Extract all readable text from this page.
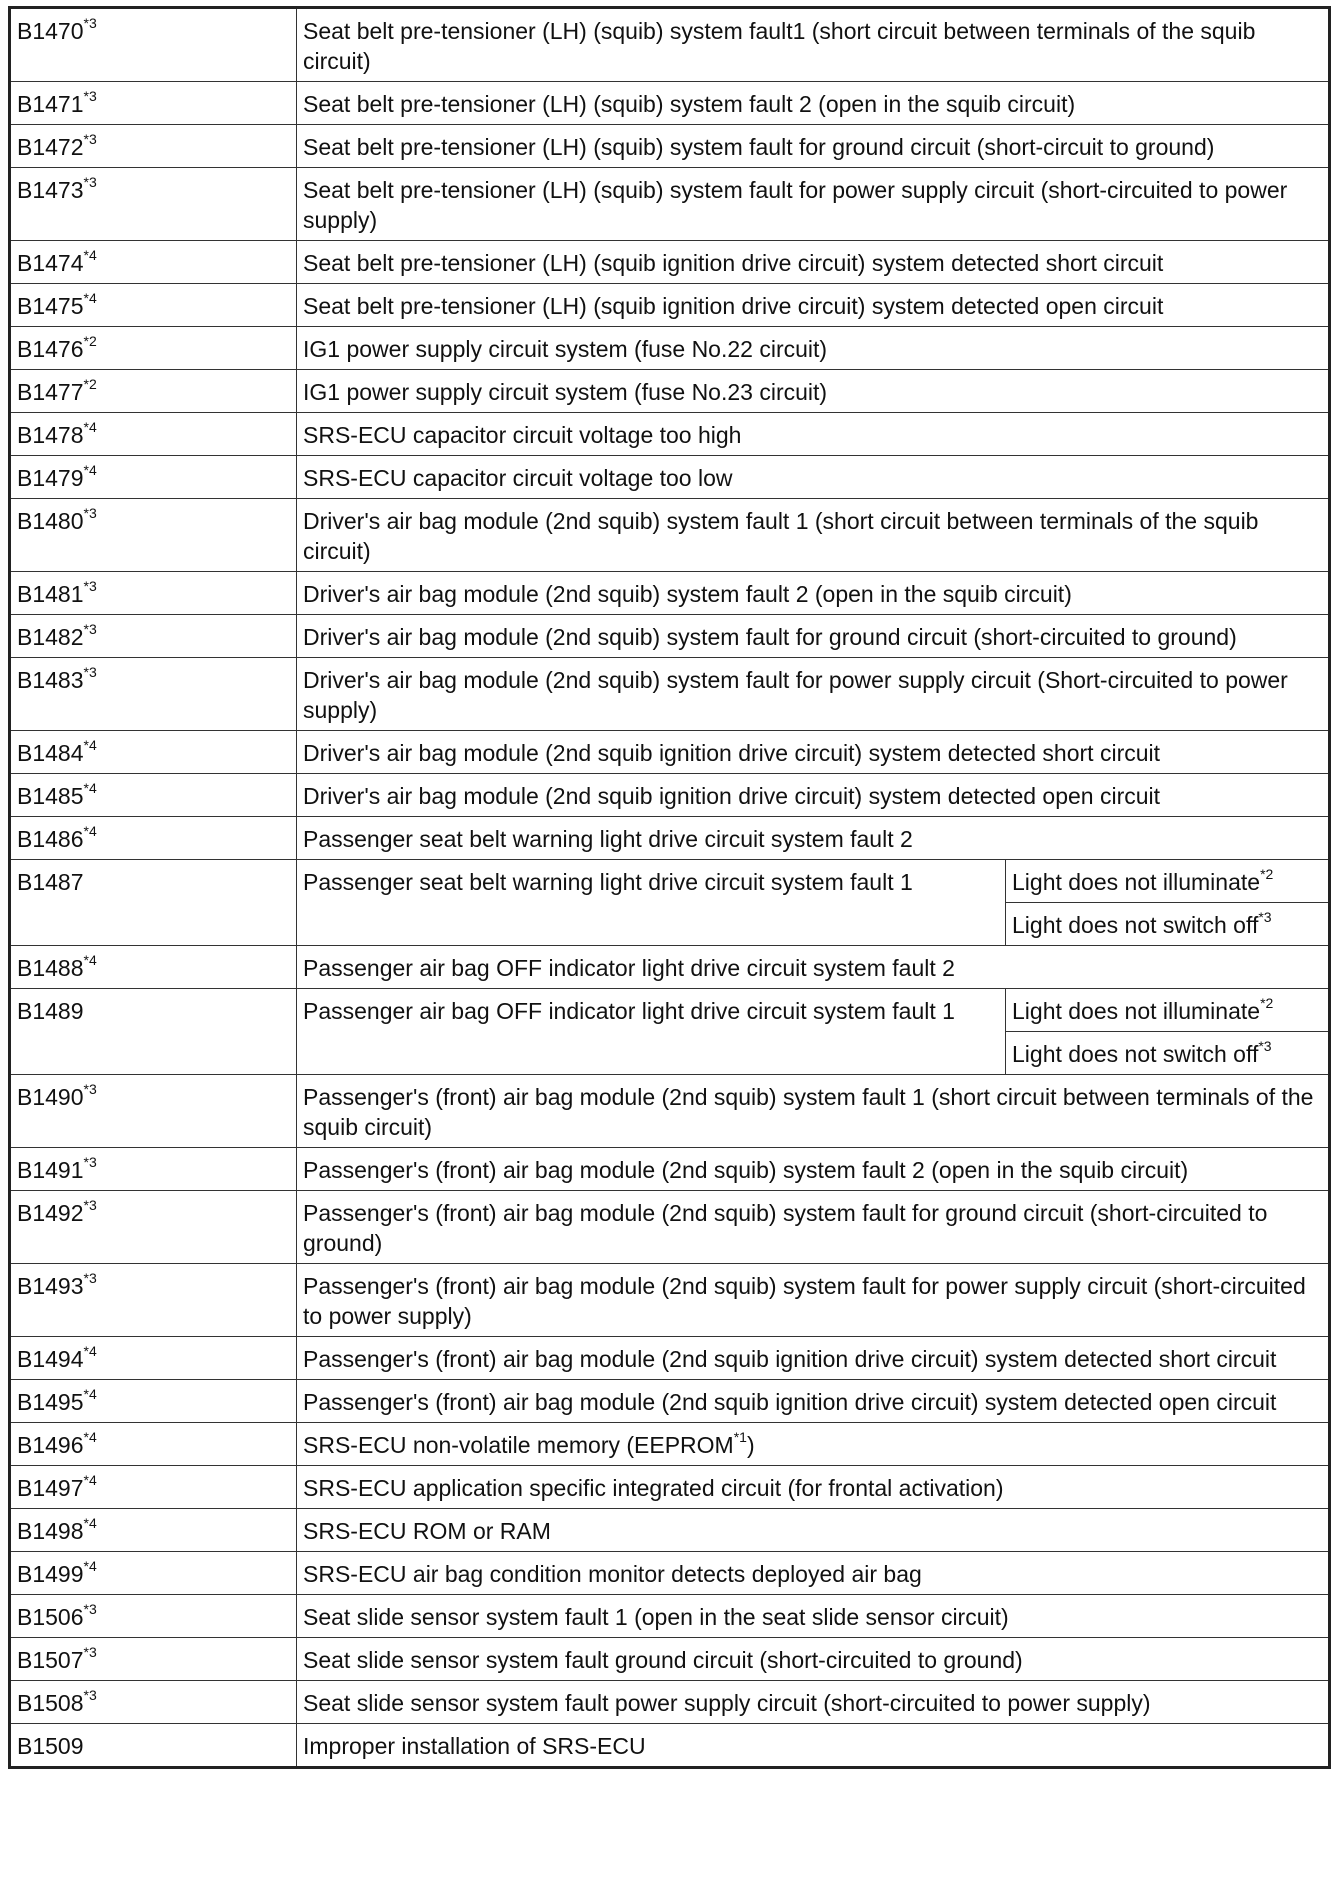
B1470$^{*3}$	Seat belt pre-tensioner (LH) (squib) system fault1 (short circuit between terminals of the squib circuit)	
B1471$^{*3}$	Seat belt pre-tensioner (LH) (squib) system fault 2 (open in the squib circuit)	
B1472$^{*3}$	Seat belt pre-tensioner (LH) (squib) system fault for ground circuit (short-circuit to ground)	
B1473$^{*3}$	Seat belt pre-tensioner (LH) (squib) system fault for power supply circuit (short-circuited to power supply)	
B1474$^{*4}$	Seat belt pre-tensioner (LH) (squib ignition drive circuit) system detected short circuit	
B1475$^{*4}$	Seat belt pre-tensioner (LH) (squib ignition drive circuit) system detected open circuit	
B1476$^{*2}$	IG1 power supply circuit system (fuse No.22 circuit)	
B1477$^{*2}$	IG1 power supply circuit system (fuse No.23 circuit)	
B1478$^{*4}$	SRS-ECU capacitor circuit voltage too high	
B1479$^{*4}$	SRS-ECU capacitor circuit voltage too low	
B1480$^{*3}$	Driver's air bag module (2nd squib) system fault 1 (short circuit between terminals of the squib circuit)	
B1481$^{*3}$	Driver's air bag module (2nd squib) system fault 2 (open in the squib circuit)	
B1482$^{*3}$	Driver's air bag module (2nd squib) system fault for ground circuit (short-circuited to ground)	
B1483$^{*3}$	Driver's air bag module (2nd squib) system fault for power supply circuit (Short-circuited to power supply)	
B1484$^{*4}$	Driver's air bag module (2nd squib ignition drive circuit) system detected short circuit	
B1485$^{*4}$	Driver's air bag module (2nd squib ignition drive circuit) system detected open circuit	
B1486$^{*4}$	Passenger seat belt warning light drive circuit system fault 2	
B1487	Passenger seat belt warning light drive circuit system fault 1	Light does not illuminate$^{*2}$
		Light does not switch off$^{*3}$
B1488$^{*4}$	Passenger air bag OFF indicator light drive circuit system fault 2	
B1489	Passenger air bag OFF indicator light drive circuit system fault 1	Light does not illuminate$^{*2}$
		Light does not switch off$^{*3}$
B1490$^{*3}$	Passenger's (front) air bag module (2nd squib) system fault 1 (short circuit between terminals of the squib circuit)	
B1491$^{*3}$	Passenger's (front) air bag module (2nd squib) system fault 2 (open in the squib circuit)	
B1492$^{*3}$	Passenger's (front) air bag module (2nd squib) system fault for ground circuit (short-circuited to ground)	
B1493$^{*3}$	Passenger's (front) air bag module (2nd squib) system fault for power supply circuit (short-circuited to power supply)	
B1494$^{*4}$	Passenger's (front) air bag module (2nd squib ignition drive circuit) system detected short circuit	
B1495$^{*4}$	Passenger's (front) air bag module (2nd squib ignition drive circuit) system detected open circuit	
B1496$^{*4}$	SRS-ECU non-volatile memory (EEPROM$^{*1}$)	
B1497$^{*4}$	SRS-ECU application specific integrated circuit (for frontal activation)	
B1498$^{*4}$	SRS-ECU ROM or RAM	
B1499$^{*4}$	SRS-ECU air bag condition monitor detects deployed air bag	
B1506$^{*3}$	Seat slide sensor system fault 1 (open in the seat slide sensor circuit)	
B1507$^{*3}$	Seat slide sensor system fault ground circuit (short-circuited to ground)	
B1508$^{*3}$	Seat slide sensor system fault power supply circuit (short-circuited to power supply)	
B1509	Improper installation of SRS-ECU	
